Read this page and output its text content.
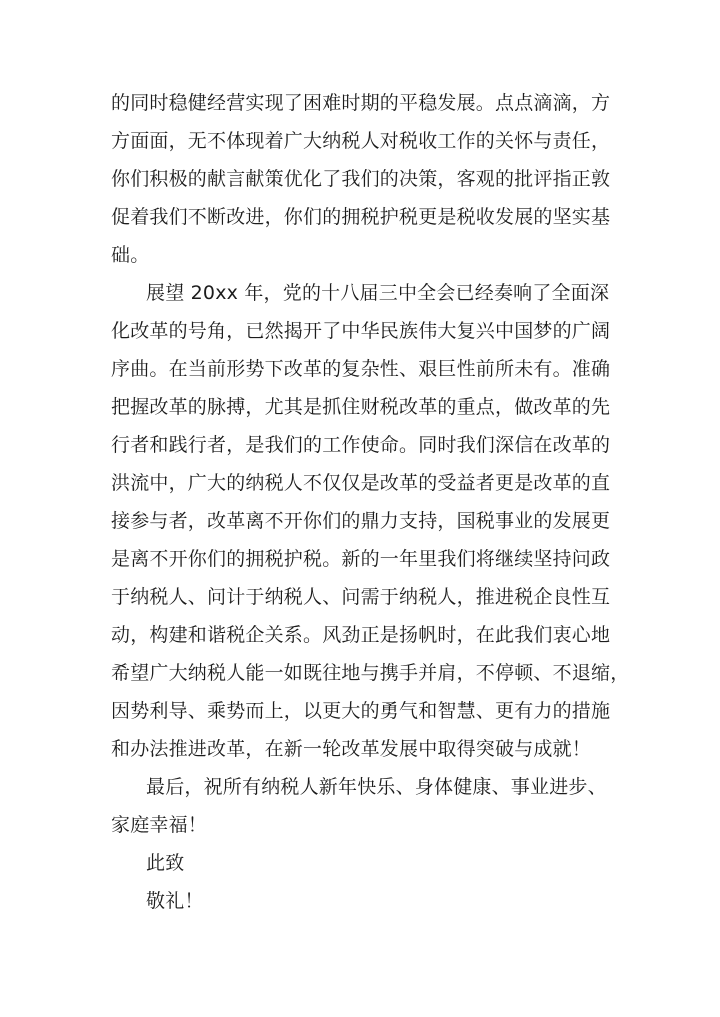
的同时稳健经营实现了困难时期的平稳发展。点点滴滴，方
方面面，无不体现着广大纳税人对税收工作的关怀与责任，
你们积极的献言献策优化了我们的决策，客观的批评指正敦
促着我们不断改进，你们的拥税护税更是税收发展的坚实基
础。
展望 20xx 年，党的十八届三中全会已经奏响了全面深
化改革的号角，已然揭开了中华民族伟大复兴中国梦的广阔
序曲。在当前形势下改革的复杂性、艰巨性前所未有。准确
把握改革的脉搏，尤其是抓住财税改革的重点，做改革的先
行者和践行者，是我们的工作使命。同时我们深信在改革的
洪流中，广大的纳税人不仅仅是改革的受益者更是改革的直
接参与者，改革离不开你们的鼎力支持，国税事业的发展更
是离不开你们的拥税护税。新的一年里我们将继续坚持问政
于纳税人、问计于纳税人、问需于纳税人，推进税企良性互
动，构建和谐税企关系。风劲正是扬帆时，在此我们衷心地
希望广大纳税人能一如既往地与携手并肩，不停顿、不退缩，
因势利导、乘势而上，以更大的勇气和智慧、更有力的措施
和办法推进改革，在新一轮改革发展中取得突破与成就！
最后，祝所有纳税人新年快乐、身体健康、事业进步、
家庭幸福！
此致
敬礼！
